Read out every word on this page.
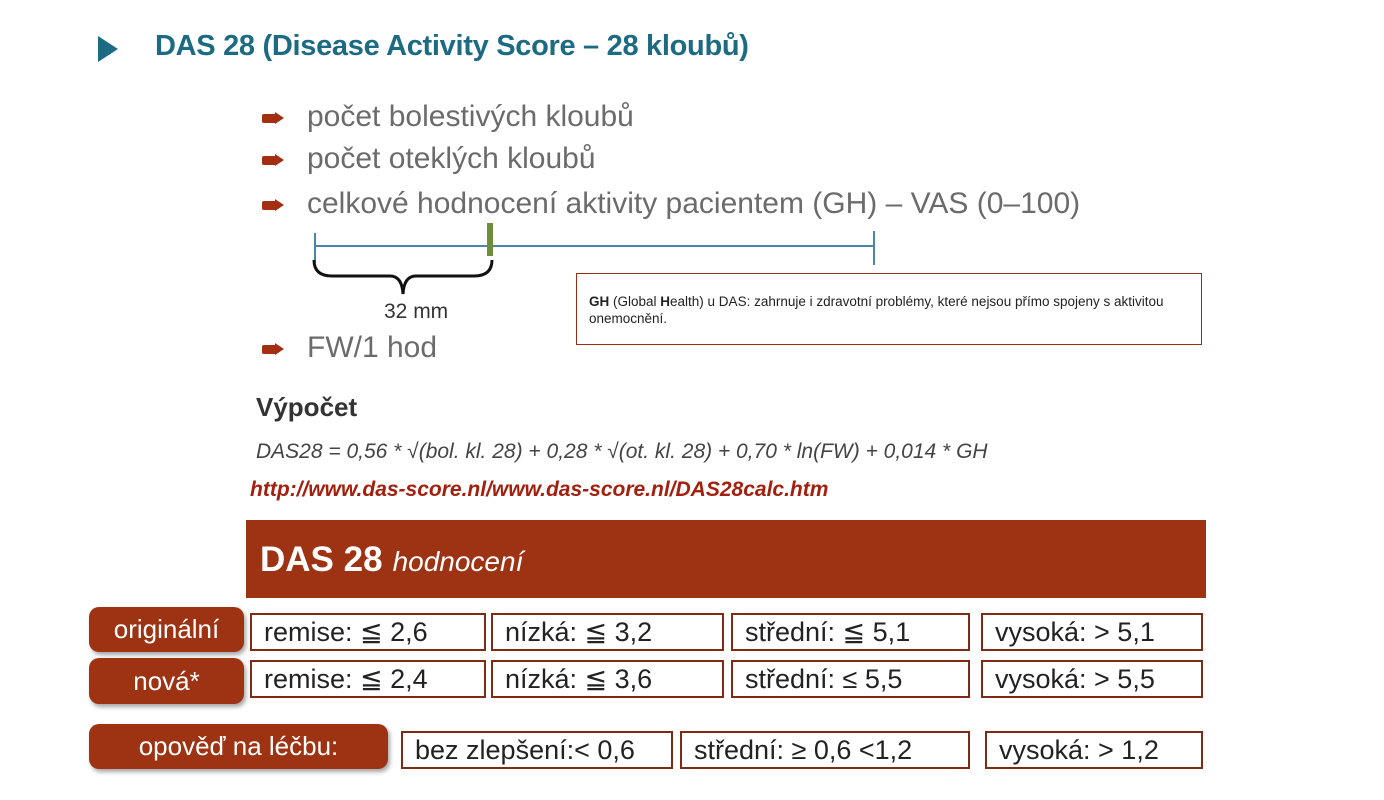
DAS 28 (Disease Activity Score – 28 kloubů)
počet bolestivých kloubů
počet oteklých kloubů
celkové hodnocení aktivity pacientem (GH) – VAS (0–100)
32 mm	GH (Global Health) u DAS: zahrnuje i zdravotní problémy, které nejsou přímo spojeny s aktivitou onemocnění.
FW/1 hod
Výpočet
DAS28 = 0,56 * √(bol. kl. 28) + 0,28 * √(ot. kl. 28) + 0,70 * ln(FW) + 0,014 * GH
http://www.das-score.nl/www.das-score.nl/DAS28calc.htm
DAS 28 hodnocení
originální	remise: ≦ 2,6	nízká: ≦ 3,2	střední: ≦ 5,1	vysoká: > 5,1
nová*	remise: ≦ 2,4	nízká: ≦ 3,6	střední: ≤ 5,5	vysoká: > 5,5
opověď na léčbu:	bez zlepšení:< 0,6	střední: ≥ 0,6 <1,2	vysoká: > 1,2
